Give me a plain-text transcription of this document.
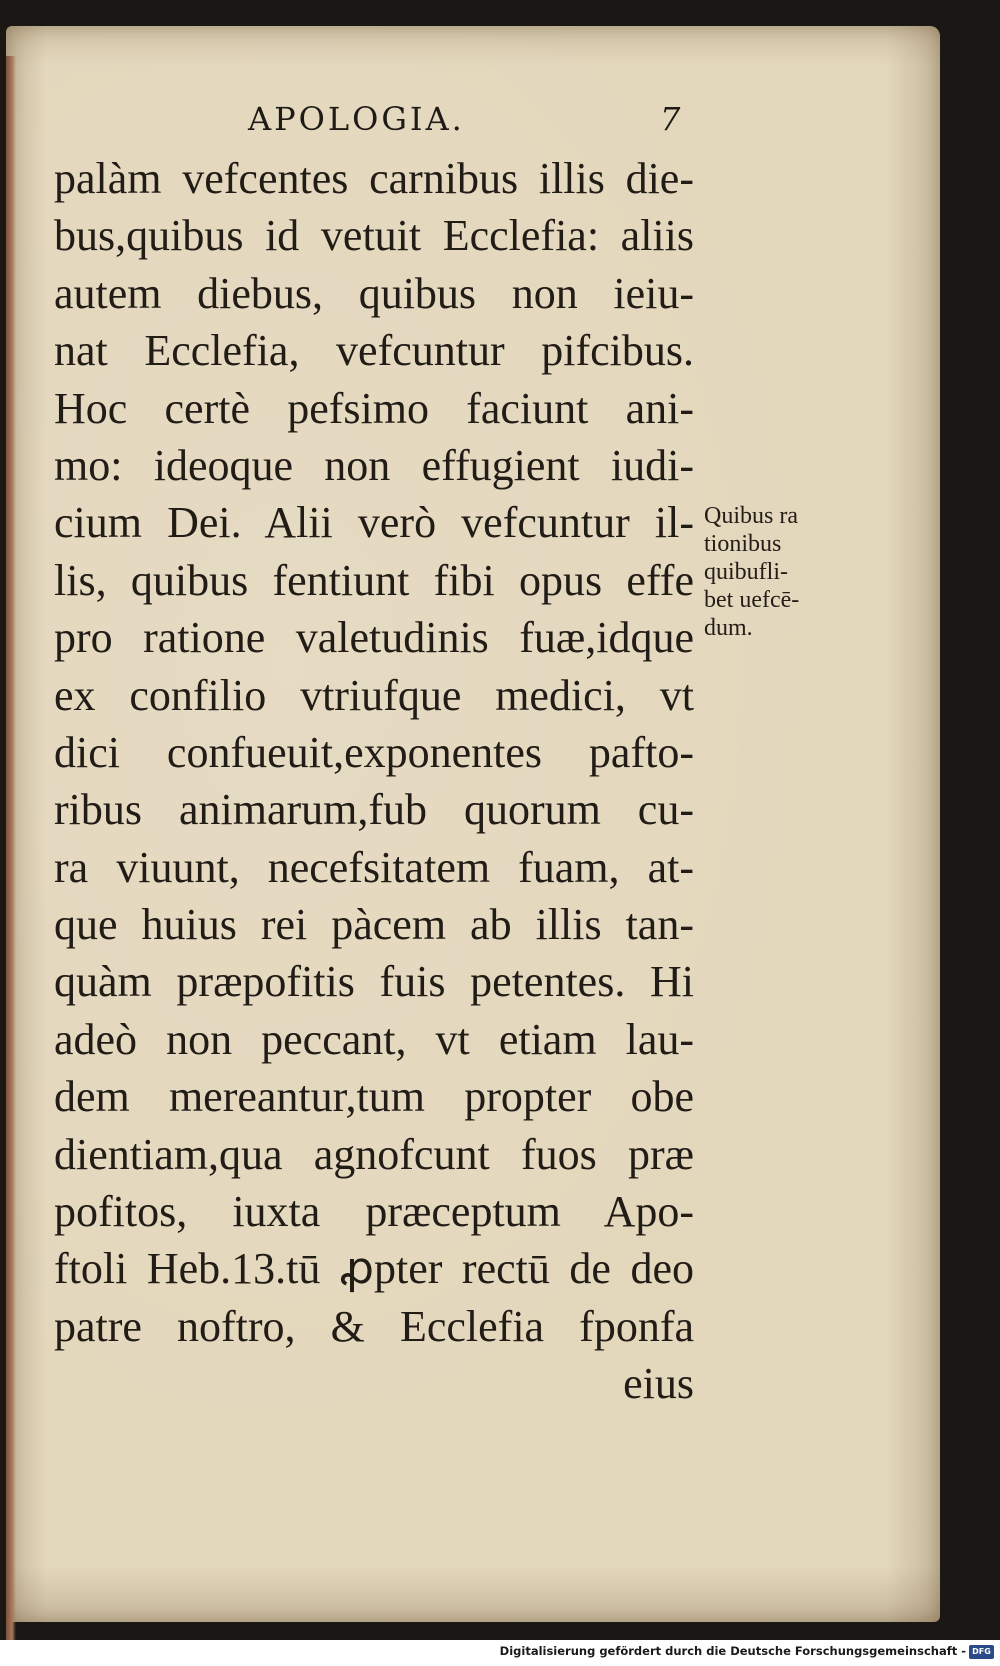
APOLOGIA.	7
palàm vefcentes carnibus illis die-
bus,quibus id vetuit Ecclefia: aliis
autem diebus, quibus non ieiu-
nat Ecclefia, vefcuntur pifcibus.
Hoc certè pefsimo faciunt ani-
mo: ideoque non effugient iudi-
cium Dei. Alii verò vefcuntur il-
lis, quibus fentiunt fibi opus effe
pro ratione valetudinis fuæ,idque
ex confilio vtriufque medici, vt
dici confueuit,exponentes pafto-
ribus animarum,fub quorum cu-
ra viuunt, necefsitatem fuam, at-
que huius rei pàcem ab illis tan-
quàm præpofitis fuis petentes. Hi
adeò non peccant, vt etiam lau-
dem mereantur,tum propter obe
dientiam,qua agnofcunt fuos præ
pofitos, iuxta præceptum Apo-
ftoli Heb.13.tū ꝓpter rectū de deo
patre noftro, & Ecclefia fponfa
eius
Quibus ra
tionibus
quibufli-
bet uefcē-
dum.
Digitalisierung gefördert durch die Deutsche Forschungsgemeinschaft - DFG
